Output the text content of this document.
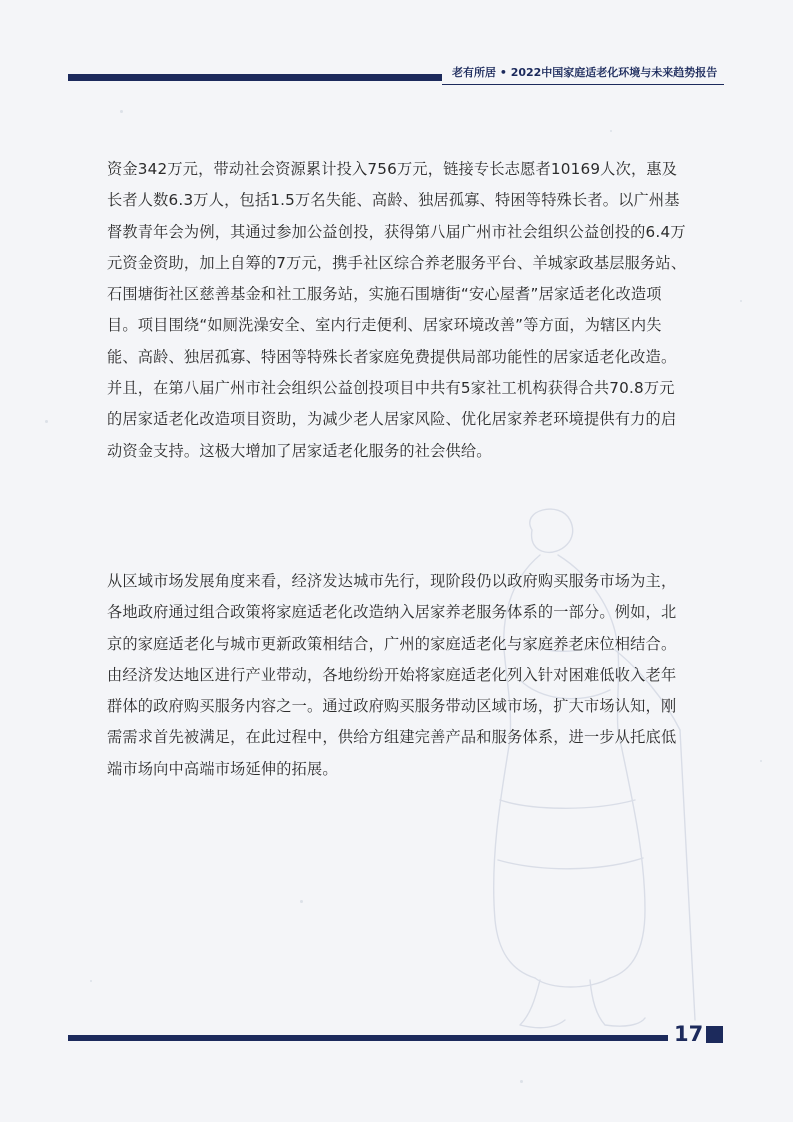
老有所居 • 2022中国家庭适老化环境与未来趋势报告

资金342万元，带动社会资源累计投入756万元，链接专长志愿者10169人次，惠及长者人数6.3万人，包括1.5万名失能、高龄、独居孤寡、特困等特殊长者。以广州基督教青年会为例，其通过参加公益创投，获得第八届广州市社会组织公益创投的6.4万元资金资助，加上自筹的7万元，携手社区综合养老服务平台、羊城家政基层服务站、石围塘街社区慈善基金和社工服务站，实施石围塘街“安心屋耆”居家适老化改造项目。项目围绕“如厕洗澡安全、室内行走便利、居家环境改善”等方面，为辖区内失能、高龄、独居孤寡、特困等特殊长者家庭免费提供局部功能性的居家适老化改造。并且，在第八届广州市社会组织公益创投项目中共有5家社工机构获得合共70.8万元的居家适老化改造项目资助，为减少老人居家风险、优化居家养老环境提供有力的启动资金支持。这极大增加了居家适老化服务的社会供给。

从区域市场发展角度来看，经济发达城市先行，现阶段仍以政府购买服务市场为主，各地政府通过组合政策将家庭适老化改造纳入居家养老服务体系的一部分。例如，北京的家庭适老化与城市更新政策相结合，广州的家庭适老化与家庭养老床位相结合。由经济发达地区进行产业带动，各地纷纷开始将家庭适老化列入针对困难低收入老年群体的政府购买服务内容之一。通过政府购买服务带动区域市场，扩大市场认知，刚需需求首先被满足，在此过程中，供给方组建完善产品和服务体系，进一步从托底低端市场向中高端市场延伸的拓展。

17
